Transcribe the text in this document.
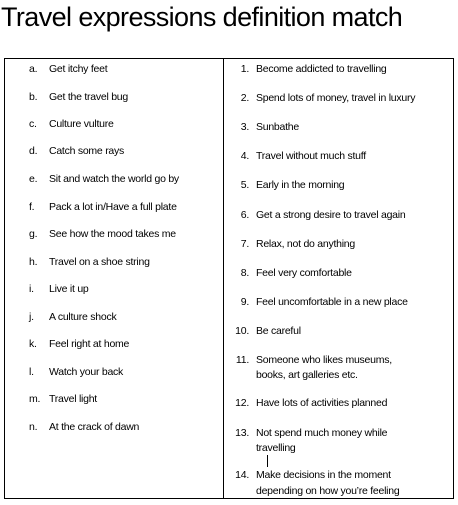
Travel expressions definition match
a. Get itchy feet
b. Get the travel bug
c. Culture vulture
d. Catch some rays
e. Sit and watch the world go by
f. Pack a lot in/Have a full plate
g. See how the mood takes me
h. Travel on a shoe string
i. Live it up
j. A culture shock
k. Feel right at home
l. Watch your back
m. Travel light
n. At the crack of dawn
1. Become addicted to travelling
2. Spend lots of money, travel in luxury
3. Sunbathe
4. Travel without much stuff
5. Early in the morning
6. Get a strong desire to travel again
7. Relax, not do anything
8. Feel very comfortable
9. Feel uncomfortable in a new place
10. Be careful
11. Someone who likes museums,
books, art galleries etc.
12. Have lots of activities planned
13. Not spend much money while
travelling
14. Make decisions in the moment
depending on how you’re feeling
